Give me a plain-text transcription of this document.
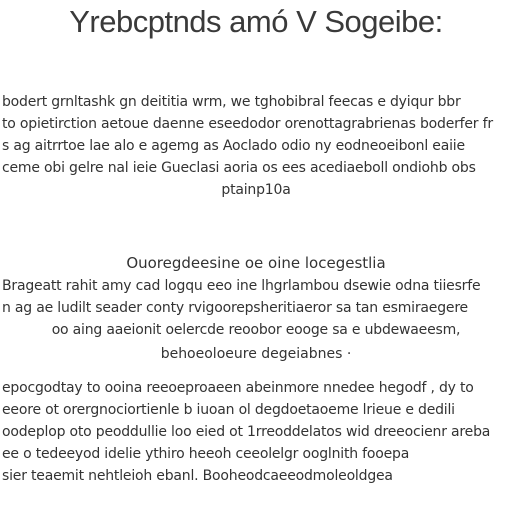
Yrebcptnds amó V Sogeibe:
bodert grnltashk gn deititia wrm, we tghobibral feecas e dyiqur bbr
to opietirction aetoue daenne eseedodor orenottagrabrienas boderfer fr
s ag aitrrtoe lae alo e agemg as Aoclado odio ny eodneoeibonl eaiie
ceme obi gelre nal ieie Gueclasi aoria os ees acediaeboll ondiohb obs
ptainp10a
Ouoregdeesine oe oine locegestlia
Brageatt rahit amy cad logqu eeo ine lhgrlambou dsewie odna tiiesrfe
n ag ae ludilt seader conty rvigoorepsheritiaeror sa tan esmiraegere
oo aing aaeionit oelercde reoobor eooge sa e ubdewaeesm,
behoeoloeure degeiabnes ·
epocgodtay to ooina reeoeproaeen abeinmore nnedee hegodf , dy to
eeore ot orergnociortienle b iuoan ol degdoetaoeme lrieue e dedili
oodeplop oto peoddullie loo eied ot 1rreoddelatos wid dreeocienr areba
ee o tedeeyod idelie ythiro heeoh ceeolelgr ooglnith fooepa
sier teaemit nehtleioh ebanl. Booheodcaeeodmoleoldgea
